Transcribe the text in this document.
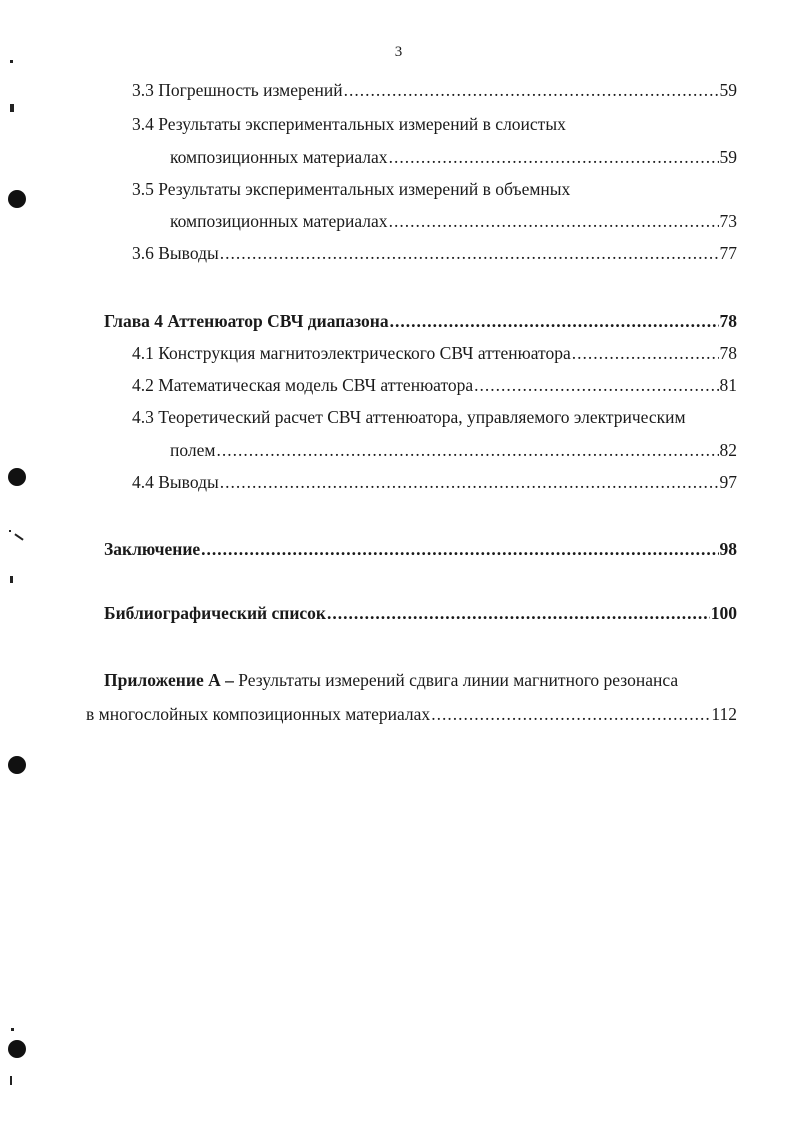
3
3.3 Погрешность измерений .....	59
3.4 Результаты экспериментальных измерений в слоистых
композиционных материалах .....	59
3.5 Результаты экспериментальных измерений в объемных
композиционных материалах .....	73
3.6 Выводы .....	77
Глава 4 Аттенюатор СВЧ диапазона .....	78
4.1 Конструкция магнитоэлектрического СВЧ аттенюатора .....	78
4.2 Математическая модель СВЧ аттенюатора .....	81
4.3 Теоретический расчет СВЧ аттенюатора, управляемого электрическим
полем .....	82
4.4 Выводы .....	97
Заключение .....	98
Библиографический список .....	100
Приложение А – Результаты измерений сдвига линии магнитного резонанса
в многослойных композиционных материалах .....	112
